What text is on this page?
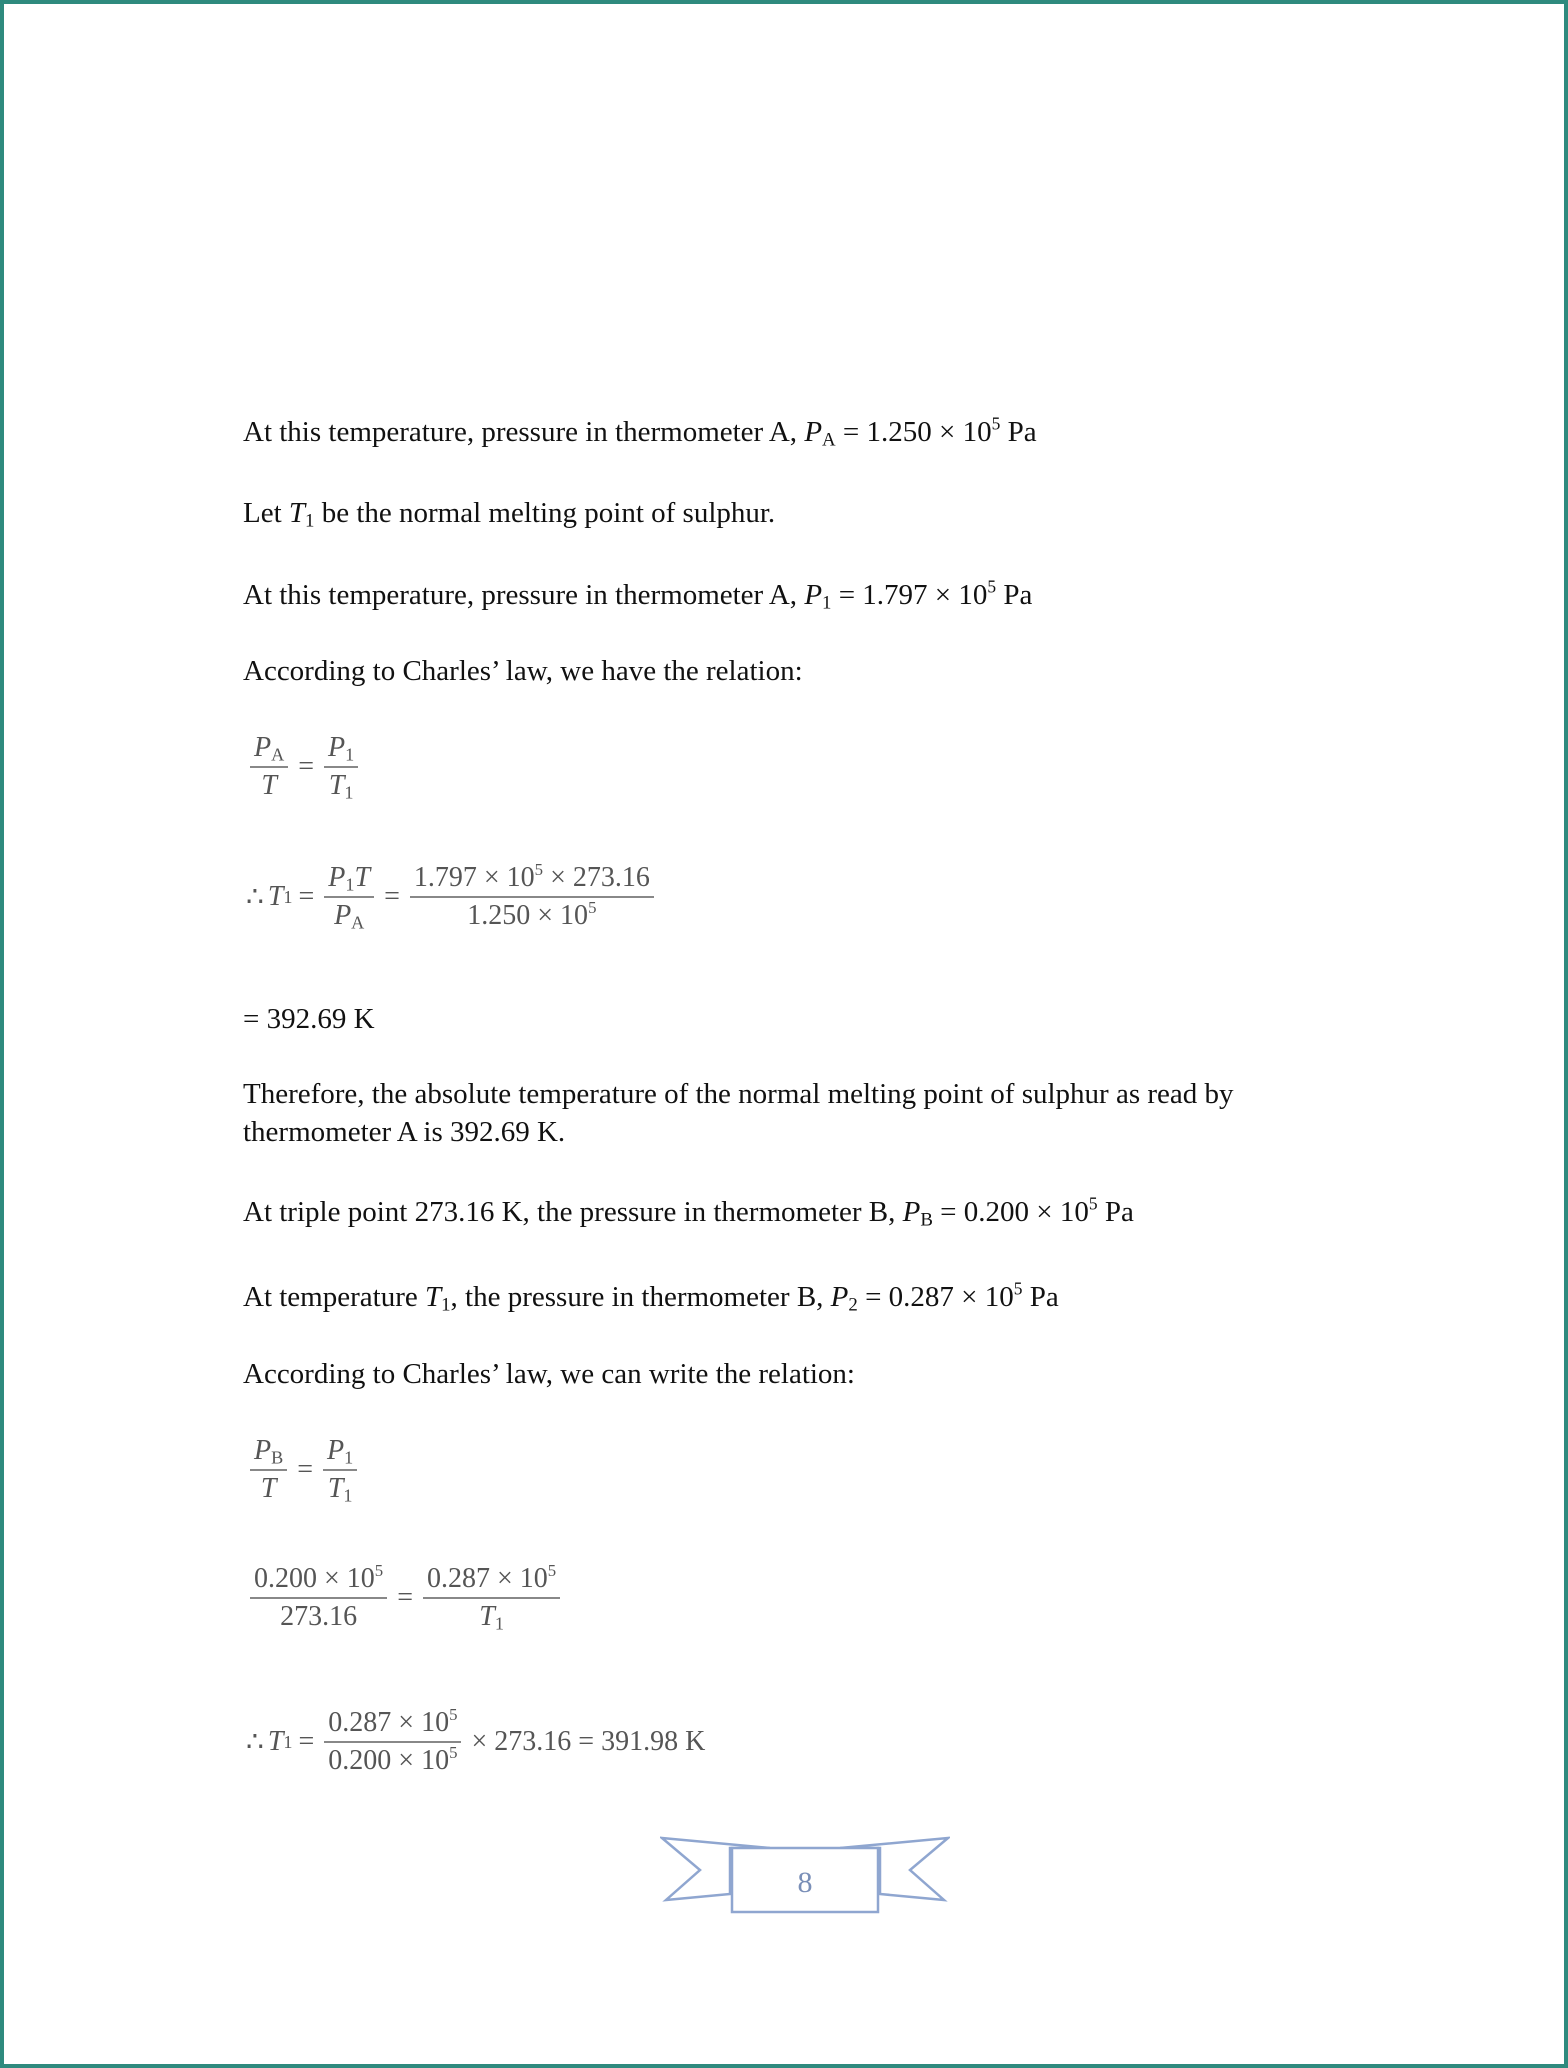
At this temperature, pressure in thermometer A, $P_A = 1.250 \times 10^5$ Pa
Let $T_1$ be the normal melting point of sulphur.
At this temperature, pressure in thermometer A, $P_1 = 1.797 \times 10^5$ Pa
According to Charles’ law, we have the relation:
$\frac{P_A}{T} = \frac{P_1}{T_1}$
∴ T $1 = \frac{P_1T}{P_A} = \frac{1.797 \times 10^5 \times 273.16}{1.250 \times 10^5}$
= 392.69 K
Therefore, the absolute temperature of the normal melting point of sulphur as read by
thermometer A is 392.69 K.
At triple point 273.16 K, the pressure in thermometer B, $P_B = 0.200 \times 10^5$ Pa
At temperature $T_1$, the pressure in thermometer B, $P_2 = 0.287 \times 10^5$ Pa
According to Charles’ law, we can write the relation:
$\frac{P_B}{T} = \frac{P_1}{T_1}$
$\frac{0.200 \times 10^5}{273.16} = \frac{0.287 \times 10^5}{T_1}$
∴ T $1 = \frac{0.287 \times 10^5}{0.200 \times 10^5} \times 273.16 = 391.98$ K
8
